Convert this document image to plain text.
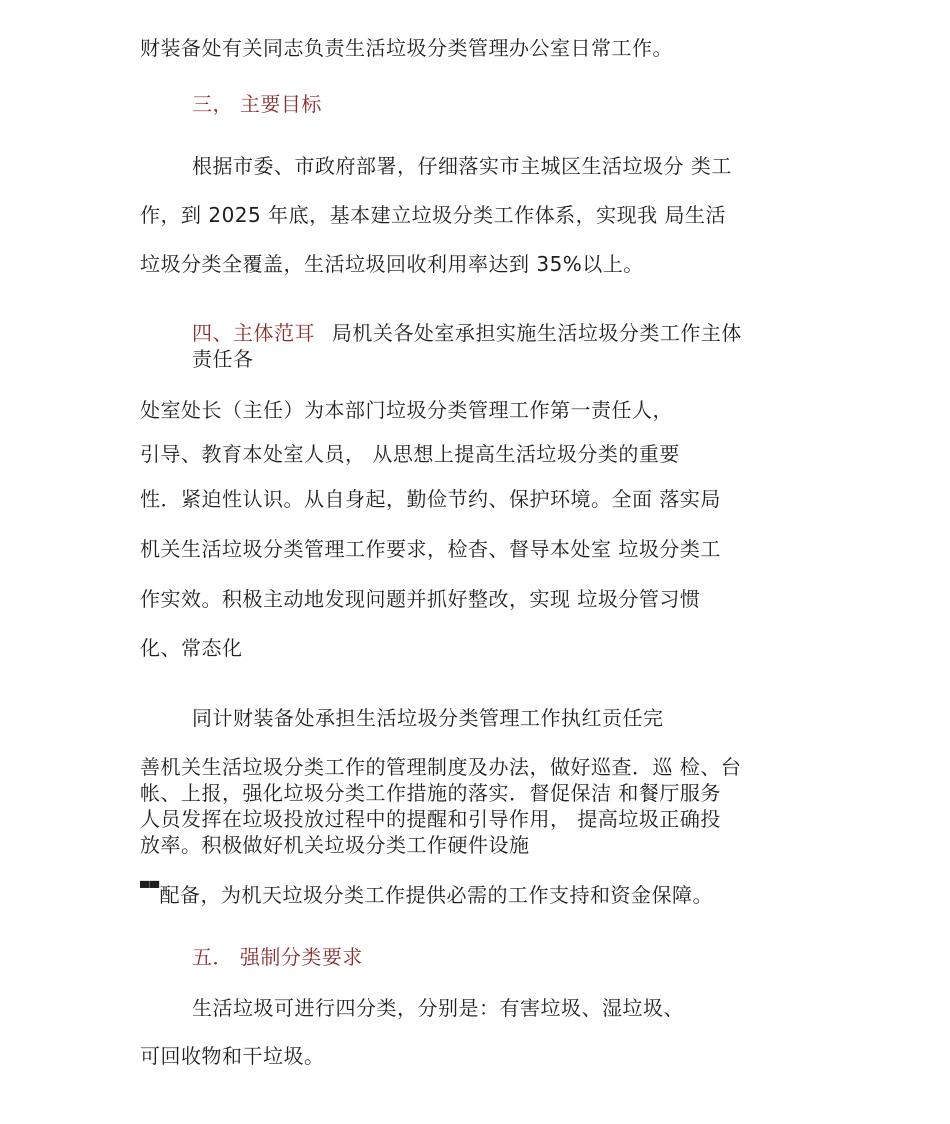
财装备处有关同志负责生活垃圾分类管理办公室日常工作。
三， 主要目标
根据市委、市政府部署，仔细落实市主城区生活垃圾分 类工
作，到 2025 年底，基本建立垃圾分类工作体系，实现我 局生活
垃圾分类全覆盖，生活垃圾回收利用率达到 35%以上。
四、主体范耳 局机关各处室承担实施生活垃圾分类工作主体
责任各
处室处长（主任）为本部门垃圾分类管理工作第一责任人，
引导、教育本处室人员， 从思想上提高生活垃圾分类的重要
性．紧迫性认识。从自身起，勤俭节约、保护环境。全面 落实局
机关生活垃圾分类管理工作要求，检杳、督导本处室 垃圾分类工
作实效。积极主动地发现问题并抓好整改，实现 垃圾分管习惯
化、常态化
同计财装备处承担生活垃圾分类管理工作执红贡任完
善机关生活垃圾分类工作的管理制度及办法，做好巡查．巡 检、台
帐、上报，强化垃圾分类工作措施的落实．督促保洁 和餐厅服务
人员发挥在垃圾投放过程中的提醒和引导作用， 提高垃圾正确投
放率。积极做好机关垃圾分类工作硬件设施
▀▀配备，为机天垃圾分类工作提供必需的工作支持和资金保障。
五． 强制分类要求
生活垃圾可进行四分类，分别是：有害垃圾、湿垃圾、
可回收物和干垃圾。
